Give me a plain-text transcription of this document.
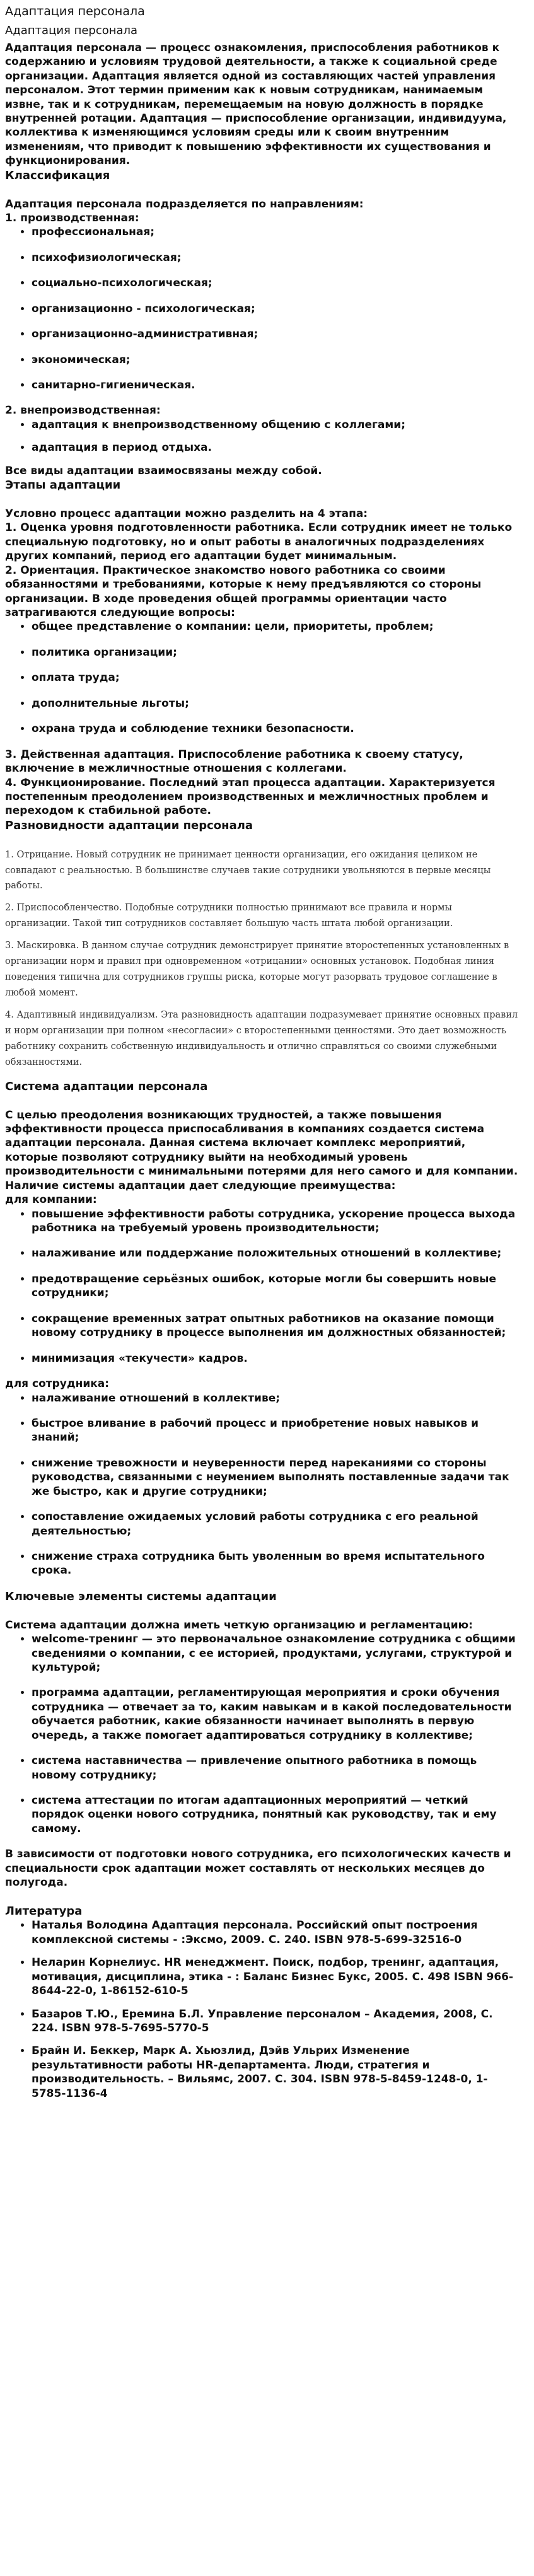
Адаптация персонала
Адаптация персонала

Адаптация персонала — процесс ознакомления, приспособления работников к содержанию и условиям трудовой деятельности, а также к социальной среде организации. Адаптация является одной из составляющих частей управления персоналом. Этот термин применим как к новым сотрудникам, нанимаемым извне, так и к сотрудникам, перемещаемым на новую должность в порядке внутренней ротации. Адаптация — приспособление организации, индивидуума, коллектива к изменяющимся условиям среды или к своим внутренним изменениям, что приводит к повышению эффективности их существования и функционирования.

Классификация

Адаптация персонала подразделяется по направлениям:

1. производственная:

• профессиональная;
• психофизиологическая;
• социально-психологическая;
• организационно - психологическая;
• организационно-административная;
• экономическая;
• санитарно-гигиеническая.

2. внепроизводственная:

• адаптация к внепроизводственному общению с коллегами;
• адаптация в период отдыха.

Все виды адаптации взаимосвязаны между собой.

Этапы адаптации

Условно процесс адаптации можно разделить на 4 этапа:

1. Оценка уровня подготовленности работника. Если сотрудник имеет не только специальную подготовку, но и опыт работы в аналогичных подразделениях других компаний, период его адаптации будет минимальным.

2. Ориентация. Практическое знакомство нового работника со своими обязанностями и требованиями, которые к нему предъявляются со стороны организации. В ходе проведения общей программы ориентации часто затрагиваются следующие вопросы:

• общее представление о компании: цели, приоритеты, проблем;
• политика организации;
• оплата труда;
• дополнительные льготы;
• охрана труда и соблюдение техники безопасности.

3. Действенная адаптация. Приспособление работника к своему статусу, включение в межличностные отношения с коллегами.

4. Функционирование. Последний этап процесса адаптации. Характеризуется постепенным преодолением производственных и межличностных проблем и переходом к стабильной работе.

Разновидности адаптации персонала

1. Отрицание. Новый сотрудник не принимает ценности организации, его ожидания целиком не совпадают с реальностью. В большинстве случаев такие сотрудники увольняются в первые месяцы работы.

2. Приспособленчество. Подобные сотрудники полностью принимают все правила и нормы организации. Такой тип сотрудников составляет большую часть штата любой организации.

3. Маскировка. В данном случае сотрудник демонстрирует принятие второстепенных установленных в организации норм и правил при одновременном «отрицании» основных установок. Подобная линия поведения типична для сотрудников группы риска, которые могут разорвать трудовое соглашение в любой момент.

4. Адаптивный индивидуализм. Эта разновидность адаптации подразумевает принятие основных правил и норм организации при полном «несогласии» с второстепенными ценностями. Это дает возможность работнику сохранить собственную индивидуальность и отлично справляться со своими служебными обязанностями.

Система адаптации персонала

С целью преодоления возникающих трудностей, а также повышения эффективности процесса приспосабливания в компаниях создается система адаптации персонала. Данная система включает комплекс мероприятий, которые позволяют сотруднику выйти на необходимый уровень производительности с минимальными потерями для него самого и для компании.

Наличие системы адаптации дает следующие преимущества:

для компании:

• повышение эффективности работы сотрудника, ускорение процесса выхода работника на требуемый уровень производительности;
• налаживание или поддержание положительных отношений в коллективе;
• предотвращение серьёзных ошибок, которые могли бы совершить новые сотрудники;
• сокращение временных затрат опытных работников на оказание помощи новому сотруднику в процессе выполнения им должностных обязанностей;
• минимизация «текучести» кадров.

для сотрудника:

• налаживание отношений в коллективе;
• быстрое вливание в рабочий процесс и приобретение новых навыков и знаний;
• снижение тревожности и неуверенности перед нареканиями со стороны руководства, связанными с неумением выполнять поставленные задачи так же быстро, как и другие сотрудники;
• сопоставление ожидаемых условий работы сотрудника с его реальной деятельностью;
• снижение страха сотрудника быть уволенным во время испытательного срока.
Ключевые элементы системы адаптации

Система адаптации должна иметь четкую организацию и регламентацию:

• welcome-тренинг — это первоначальное ознакомление сотрудника с общими сведениями о компании, с ее историей, продуктами, услугами, структурой и культурой;
• программа адаптации, регламентирующая мероприятия и сроки обучения сотрудника — отвечает за то, каким навыкам и в какой последовательности обучается работник, какие обязанности начинает выполнять в первую очередь, а также помогает адаптироваться сотруднику в коллективе;
• система наставничества — привлечение опытного работника в помощь новому сотруднику;
• система аттестации по итогам адаптационных мероприятий — четкий порядок оценки нового сотрудника, понятный как руководству, так и ему самому.

В зависимости от подготовки нового сотрудника, его психологических качеств и специальности срок адаптации может составлять от нескольких месяцев до полугода.

Литература
• Наталья Володина Адаптация персонала. Российский опыт построения комплексной системы - :Эксмо, 2009. С. 240. ISBN 978-5-699-32516-0
• Неларин Корнелиус. HR менеджмент. Поиск, подбор, тренинг, адаптация, мотивация, дисциплина, этика - : Баланс Бизнес Букс, 2005. С. 498 ISBN 966-8644-22-0, 1-86152-610-5
• Базаров Т.Ю., Еремина Б.Л. Управление персоналом – Академия, 2008, С. 224. ISBN 978-5-7695-5770-5
• Брайн И. Беккер, Марк А. Хьюзлид, Дэйв Ульрих Изменение результативности работы HR-департамента. Люди, стратегия и производительность. – Вильямс, 2007. С. 304. ISBN 978-5-8459-1248-0, 1-5785-1136-4
